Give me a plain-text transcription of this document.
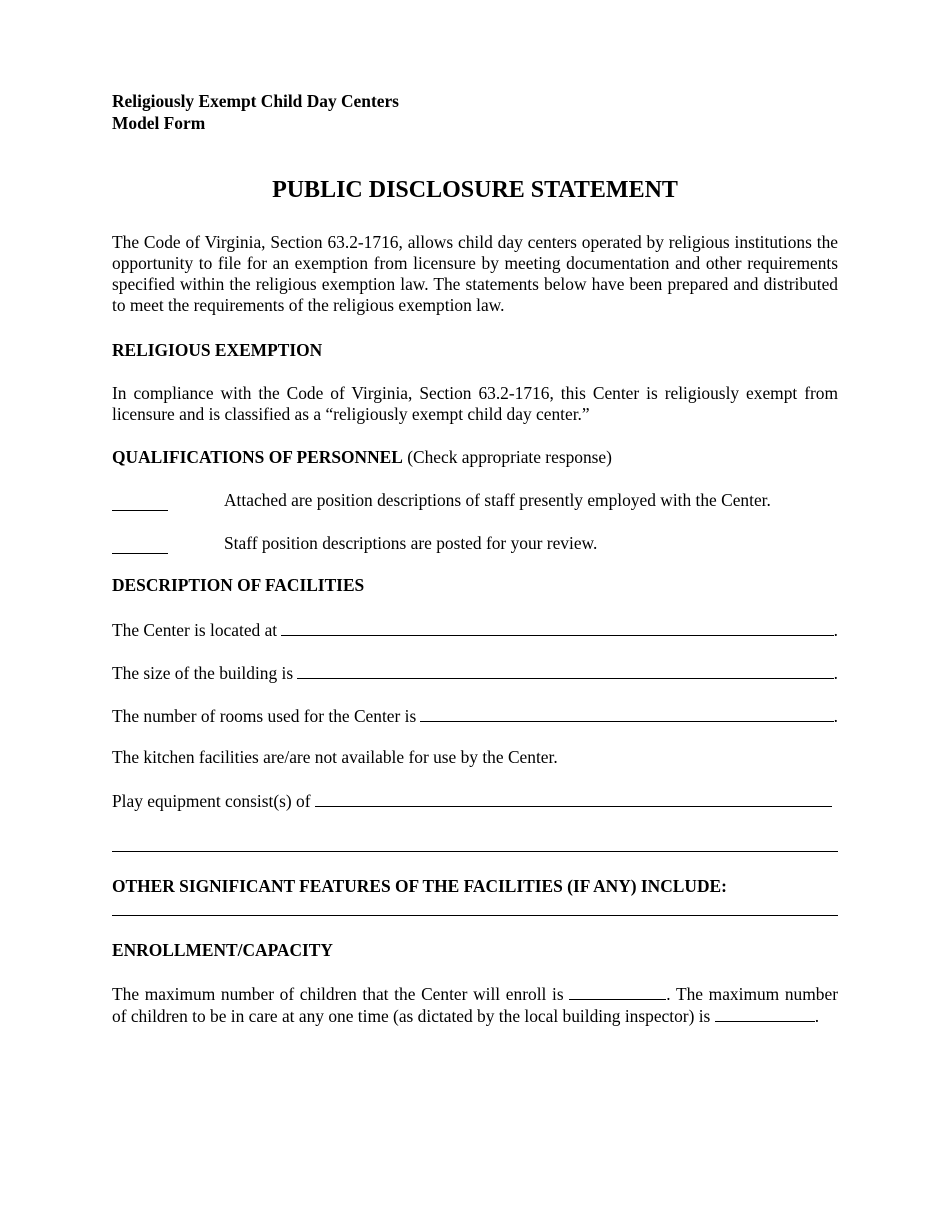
Religiously Exempt Child Day Centers
Model Form
PUBLIC DISCLOSURE STATEMENT
The Code of Virginia, Section 63.2-1716, allows child day centers operated by religious institutions the opportunity to file for an exemption from licensure by meeting documentation and other requirements specified within the religious exemption law. The statements below have been prepared and distributed to meet the requirements of the religious exemption law.
RELIGIOUS EXEMPTION
In compliance with the Code of Virginia, Section 63.2-1716, this Center is religiously exempt from licensure and is classified as a “religiously exempt child day center.”
QUALIFICATIONS OF PERSONNEL (Check appropriate response)
Attached are position descriptions of staff presently employed with the Center.
Staff position descriptions are posted for your review.
DESCRIPTION OF FACILITIES
The Center is located at	.
The size of the building is	.
The number of rooms used for the Center is	.
The kitchen facilities are/are not available for use by the Center.
Play equipment consist(s) of
OTHER SIGNIFICANT FEATURES OF THE FACILITIES (IF ANY) INCLUDE:
ENROLLMENT/CAPACITY
The maximum number of children that the Center will enroll is	. The maximum number of children to be in care at any one time (as dictated by the local building inspector) is	.
